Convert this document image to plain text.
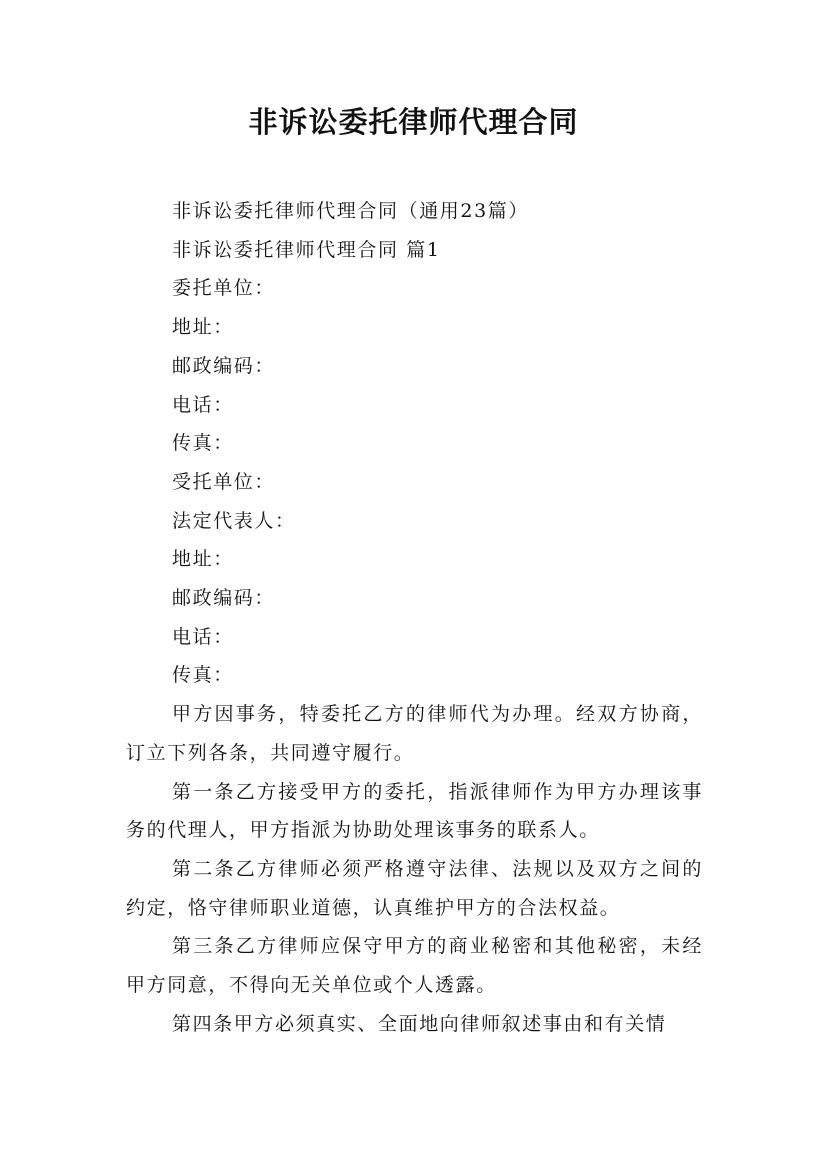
非诉讼委托律师代理合同

非诉讼委托律师代理合同（通用23篇）

非诉讼委托律师代理合同 篇1

委托单位：

地址：

邮政编码：

电话：

传真：

受托单位：

法定代表人：

地址：

邮政编码：

电话：

传真：

甲方因事务，特委托乙方的律师代为办理。经双方协商，订立下列各条，共同遵守履行。

第一条乙方接受甲方的委托，指派律师作为甲方办理该事务的代理人，甲方指派为协助处理该事务的联系人。

第二条乙方律师必须严格遵守法律、法规以及双方之间的约定，恪守律师职业道德，认真维护甲方的合法权益。

第三条乙方律师应保守甲方的商业秘密和其他秘密，未经甲方同意，不得向无关单位或个人透露。

第四条甲方必须真实、全面地向律师叙述事由和有关情
